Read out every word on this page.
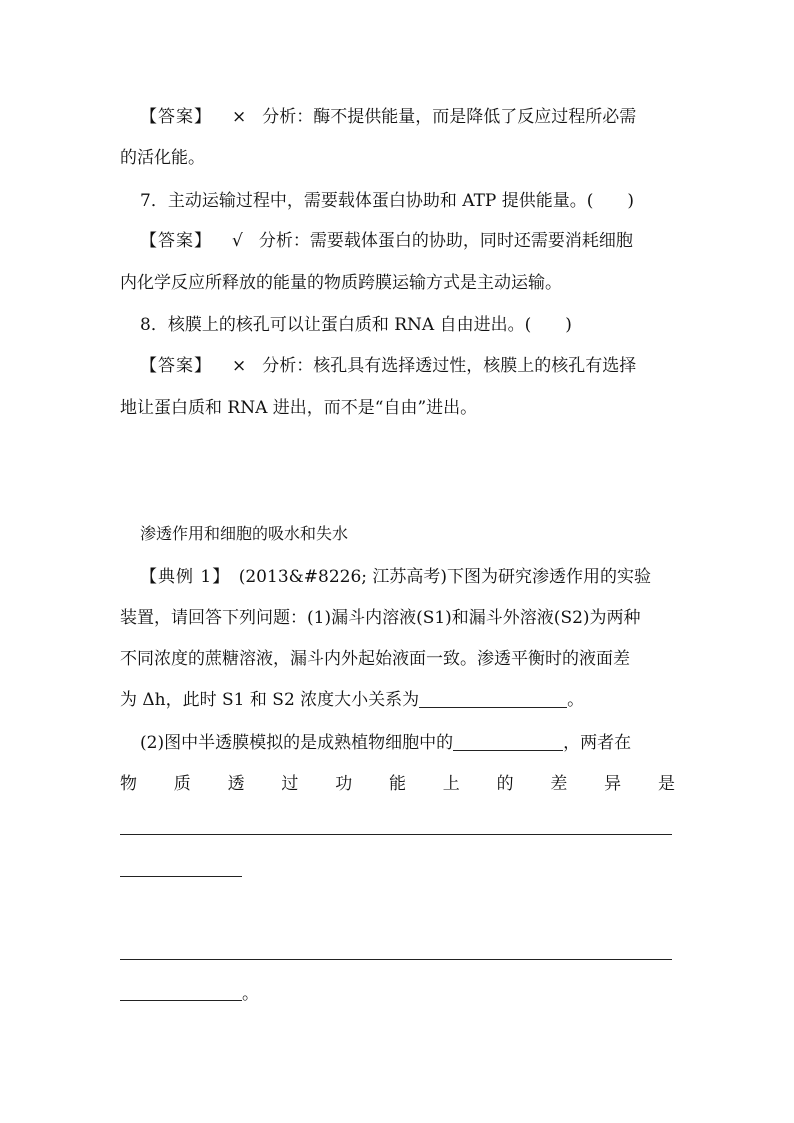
【答案】 × 分析：酶不提供能量，而是降低了反应过程所必需
的活化能。
7．主动运输过程中，需要载体蛋白协助和 ATP 提供能量。(　　)
【答案】 √ 分析：需要载体蛋白的协助，同时还需要消耗细胞
内化学反应所释放的能量的物质跨膜运输方式是主动运输。
8．核膜上的核孔可以让蛋白质和 RNA 自由进出。(　　)
【答案】 × 分析：核孔具有选择透过性，核膜上的核孔有选择
地让蛋白质和 RNA 进出，而不是“自由”进出。
渗透作用和细胞的吸水和失水
【典例 1】　(2013&#8226; 江苏高考)下图为研究渗透作用的实验
装置，请回答下列问题：(1)漏斗内溶液(S1)和漏斗外溶液(S2)为两种
不同浓度的蔗糖溶液，漏斗内外起始液面一致。渗透平衡时的液面差
为 Δh，此时 S1 和 S2 浓度大小关系为	。
(2)图中半透膜模拟的是成熟植物细胞中的	，两者在
物 质 透 过 功 能 上 的 差 异 是
。
